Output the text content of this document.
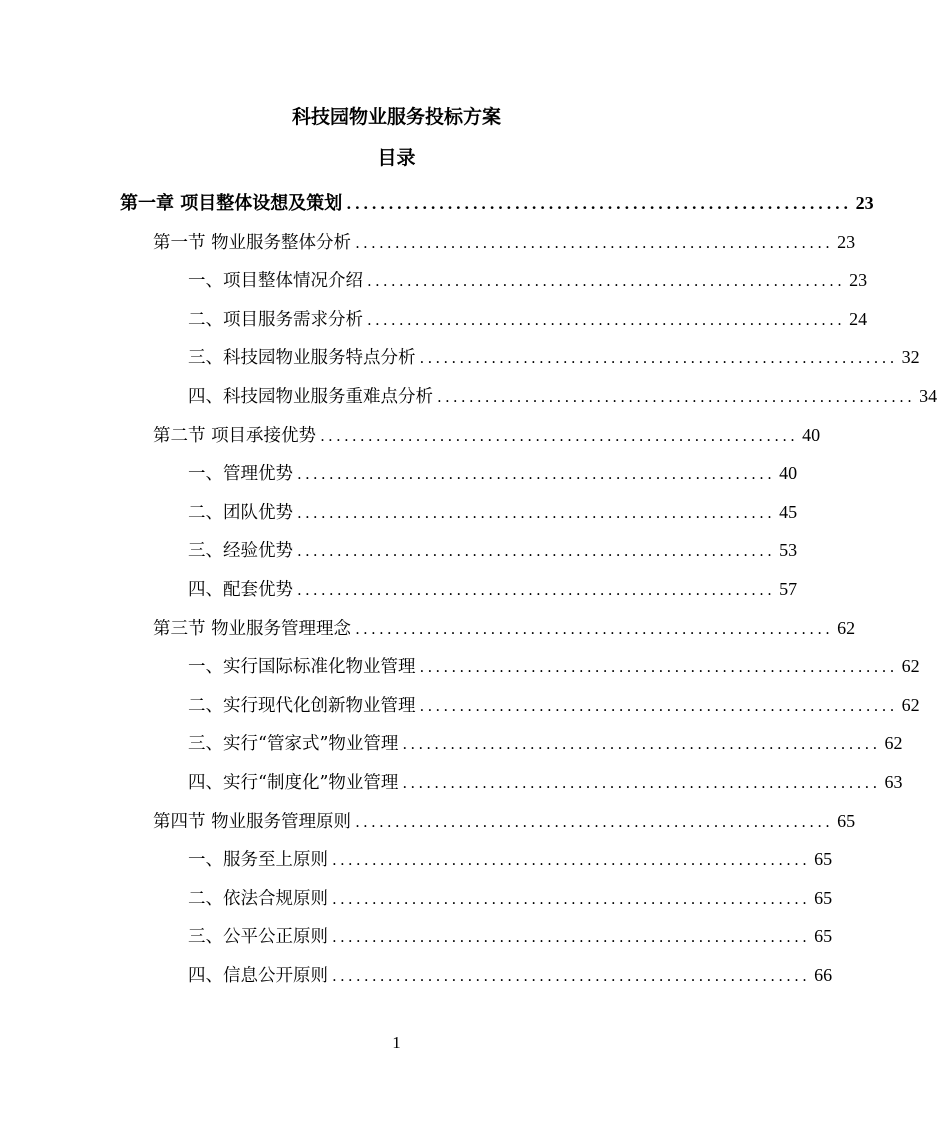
科技园物业服务投标方案
目录
第一章 项目整体设想及策划 ............................................................ 23
第一节 物业服务整体分析 ............................................................ 23
一、项目整体情况介绍 ............................................................ 23
二、项目服务需求分析 ............................................................ 24
三、科技园物业服务特点分析 ............................................................ 32
四、科技园物业服务重难点分析 ............................................................ 34
第二节 项目承接优势 ............................................................ 40
一、管理优势 ............................................................ 40
二、团队优势 ............................................................ 45
三、经验优势 ............................................................ 53
四、配套优势 ............................................................ 57
第三节 物业服务管理理念 ............................................................ 62
一、实行国际标准化物业管理 ............................................................ 62
二、实行现代化创新物业管理 ............................................................ 62
三、实行“管家式”物业管理 ............................................................ 62
四、实行“制度化”物业管理 ............................................................ 63
第四节 物业服务管理原则 ............................................................ 65
一、服务至上原则 ............................................................ 65
二、依法合规原则 ............................................................ 65
三、公平公正原则 ............................................................ 65
四、信息公开原则 ............................................................ 66
1
